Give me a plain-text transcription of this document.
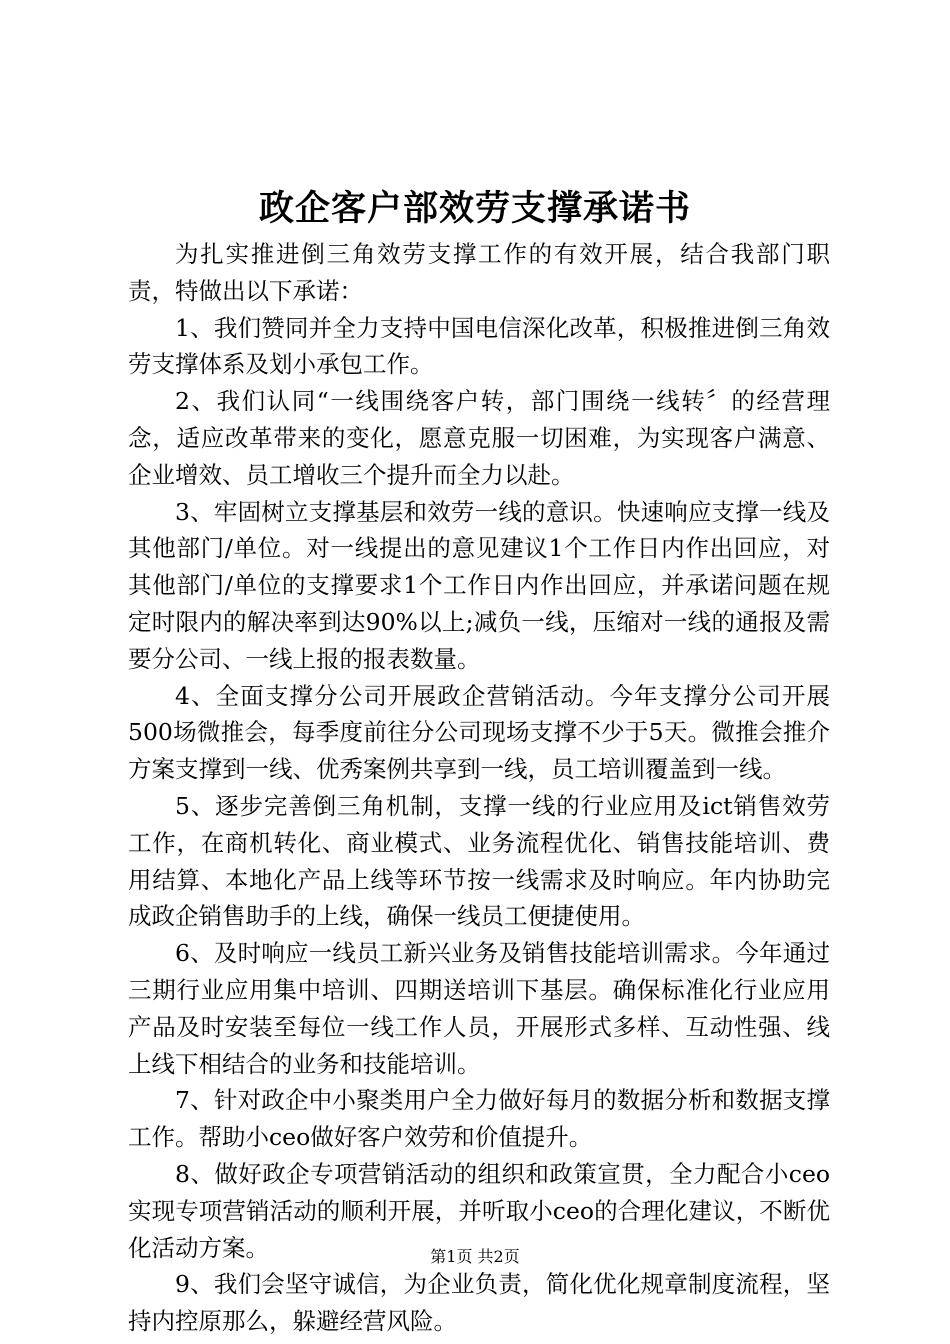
政企客户部效劳支撑承诺书

为扎实推进倒三角效劳支撑工作的有效开展，结合我部门职责，特做出以下承诺：

1、我们赞同并全力支持中国电信深化改革，积极推进倒三角效劳支撑体系及划小承包工作。

2、我们认同“一线围绕客户转，部门围绕一线转〞的经营理念，适应改革带来的变化，愿意克服一切困难，为实现客户满意、企业增效、员工增收三个提升而全力以赴。

3、牢固树立支撑基层和效劳一线的意识。快速响应支撑一线及其他部门/单位。对一线提出的意见建议1个工作日内作出回应，对其他部门/单位的支撑要求1个工作日内作出回应，并承诺问题在规定时限内的解决率到达90%以上;减负一线，压缩对一线的通报及需要分公司、一线上报的报表数量。

4、全面支撑分公司开展政企营销活动。今年支撑分公司开展500场微推会，每季度前往分公司现场支撑不少于5天。微推会推介方案支撑到一线、优秀案例共享到一线，员工培训覆盖到一线。

5、逐步完善倒三角机制，支撑一线的行业应用及ict销售效劳工作，在商机转化、商业模式、业务流程优化、销售技能培训、费用结算、本地化产品上线等环节按一线需求及时响应。年内协助完成政企销售助手的上线，确保一线员工便捷使用。

6、及时响应一线员工新兴业务及销售技能培训需求。今年通过三期行业应用集中培训、四期送培训下基层。确保标准化行业应用产品及时安装至每位一线工作人员，开展形式多样、互动性强、线上线下相结合的业务和技能培训。

7、针对政企中小聚类用户全力做好每月的数据分析和数据支撑工作。帮助小ceo做好客户效劳和价值提升。

8、做好政企专项营销活动的组织和政策宣贯，全力配合小ceo实现专项营销活动的顺利开展，并听取小ceo的合理化建议，不断优化活动方案。

9、我们会坚守诚信，为企业负责，简化优化规章制度流程，坚持内控原那么，躲避经营风险。

第1页 共2页
